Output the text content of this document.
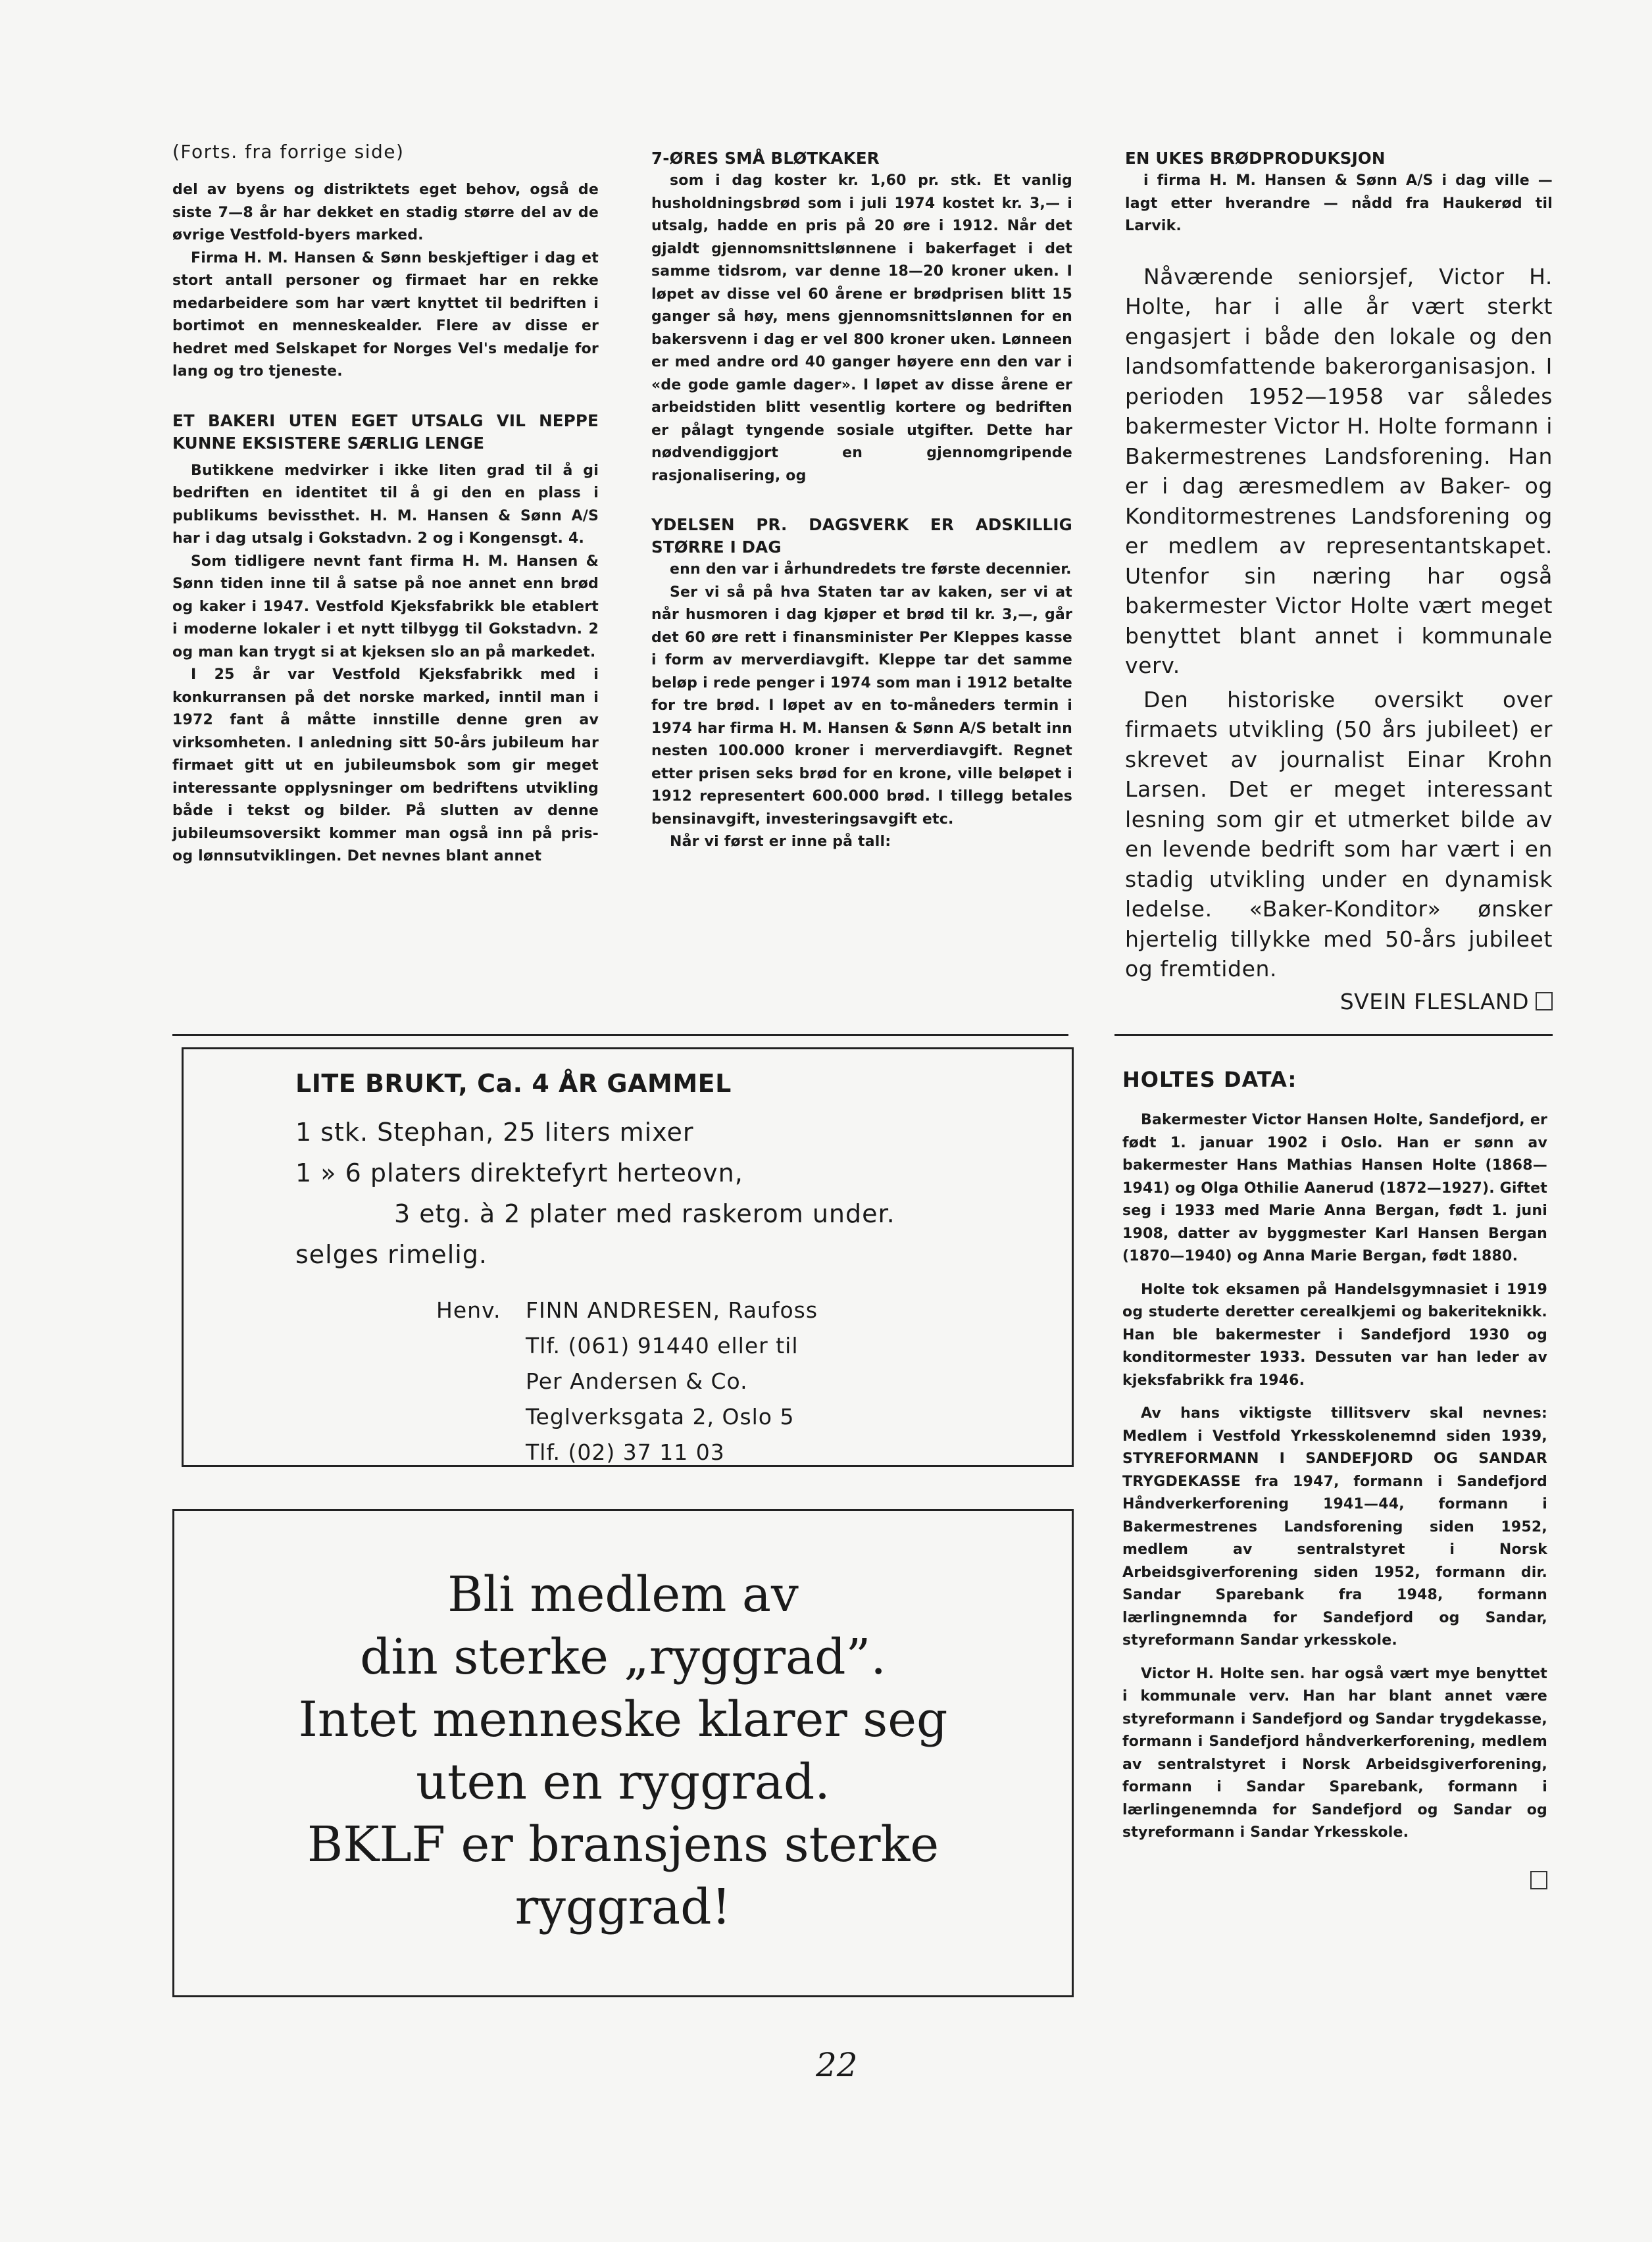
(Forts. fra forrige side)

del av byens og distriktets eget behov, også de siste 7—8 år har dekket en stadig større del av de øvrige Vestfold-byers marked.

Firma H. M. Hansen & Sønn beskjeftiger i dag et stort antall personer og firmaet har en rekke medarbeidere som har vært knyttet til bedriften i bortimot en menneskealder. Flere av disse er hedret med Selskapet for Norges Vel's medalje for lang og tro tjeneste.

ET BAKERI UTEN EGET UTSALG VIL NEPPE KUNNE EKSISTERE SÆRLIG LENGE

Butikkene medvirker i ikke liten grad til å gi bedriften en identitet til å gi den en plass i publikums bevissthet. H. M. Hansen & Sønn A/S har i dag utsalg i Gokstadvn. 2 og i Kongensgt. 4.

Som tidligere nevnt fant firma H. M. Hansen & Sønn tiden inne til å satse på noe annet enn brød og kaker i 1947. Vestfold Kjeksfabrikk ble etablert i moderne lokaler i et nytt tilbygg til Gokstadvn. 2 og man kan trygt si at kjeksen slo an på markedet.

I 25 år var Vestfold Kjeksfabrikk med i konkurransen på det norske marked, inntil man i 1972 fant å måtte innstille denne gren av virksomheten. I anledning sitt 50-års jubileum har firmaet gitt ut en jubileumsbok som gir meget interessante opplysninger om bedriftens utvikling både i tekst og bilder. På slutten av denne jubileumsoversikt kommer man også inn på pris- og lønnsutviklingen. Det nevnes blant annet

7-ØRES SMÅ BLØTKAKER

som i dag koster kr. 1,60 pr. stk. Et vanlig husholdningsbrød som i juli 1974 kostet kr. 3,— i utsalg, hadde en pris på 20 øre i 1912. Når det gjaldt gjennomsnittslønnene i bakerfaget i det samme tidsrom, var denne 18—20 kroner uken. I løpet av disse vel 60 årene er brødprisen blitt 15 ganger så høy, mens gjennomsnittslønnen for en bakersvenn i dag er vel 800 kroner uken. Lønneen er med andre ord 40 ganger høyere enn den var i «de gode gamle dager». I løpet av disse årene er arbeidstiden blitt vesentlig kortere og bedriften er pålagt tyngende sosiale utgifter. Dette har nødvendiggjort en gjennomgripende rasjonalisering, og

YDELSEN PR. DAGSVERK ER ADSKILLIG STØRRE I DAG

enn den var i århundredets tre første decennier.

Ser vi så på hva Staten tar av kaken, ser vi at når husmoren i dag kjøper et brød til kr. 3,—, går det 60 øre rett i finansminister Per Kleppes kasse i form av merverdiavgift. Kleppe tar det samme beløp i rede penger i 1974 som man i 1912 betalte for tre brød. I løpet av en to-måneders termin i 1974 har firma H. M. Hansen & Sønn A/S betalt inn nesten 100.000 kroner i merverdiavgift. Regnet etter prisen seks brød for en krone, ville beløpet i 1912 representert 600.000 brød. I tillegg betales bensinavgift, investeringsavgift etc.

Når vi først er inne på tall:

EN UKES BRØDPRODUKSJON

i firma H. M. Hansen & Sønn A/S i dag ville — lagt etter hverandre — nådd fra Haukerød til Larvik.

Nåværende seniorsjef, Victor H. Holte, har i alle år vært sterkt engasjert i både den lokale og den landsomfattende bakerorganisasjon. I perioden 1952—1958 var således bakermester Victor H. Holte formann i Bakermestrenes Landsforening. Han er i dag æresmedlem av Baker- og Konditormestrenes Landsforening og er medlem av representantskapet. Utenfor sin næring har også bakermester Victor Holte vært meget benyttet blant annet i kommunale verv.

Den historiske oversikt over firmaets utvikling (50 års jubileet) er skrevet av journalist Einar Krohn Larsen. Det er meget interessant lesning som gir et utmerket bilde av en levende bedrift som har vært i en stadig utvikling under en dynamisk ledelse. «Baker-Konditor» ønsker hjertelig tillykke med 50-års jubileet og fremtiden.

SVEIN FLESLAND
LITE BRUKT, Ca. 4 ÅR GAMMEL
1 stk. Stephan, 25 liters mixer
1 » 6 platers direktefyrt herteovn,
3 etg. à 2 plater med raskerom under.
selges rimelig.
Henv. FINN ANDRESEN, Raufoss
Tlf. (061) 91440 eller til
Per Andersen & Co.
Teglverksgata 2, Oslo 5
Tlf. (02) 37 11 03
Bli medlem av
din sterke „ryggrad”.
Intet menneske klarer seg
uten en ryggrad.
BKLF er bransjens sterke
ryggrad!
HOLTES DATA:

Bakermester Victor Hansen Holte, Sandefjord, er født 1. januar 1902 i Oslo. Han er sønn av bakermester Hans Mathias Hansen Holte (1868—1941) og Olga Othilie Aanerud (1872—1927). Giftet seg i 1933 med Marie Anna Bergan, født 1. juni 1908, datter av byggmester Karl Hansen Bergan (1870—1940) og Anna Marie Bergan, født 1880.

Holte tok eksamen på Handelsgymnasiet i 1919 og studerte deretter cerealkjemi og bakeriteknikk. Han ble bakermester i Sandefjord 1930 og konditormester 1933. Dessuten var han leder av kjeksfabrikk fra 1946.

Av hans viktigste tillitsverv skal nevnes: Medlem i Vestfold Yrkesskolenemnd siden 1939, STYREFORMANN I SANDEFJORD OG SANDAR TRYGDEKASSE fra 1947, formann i Sandefjord Håndverkerforening 1941—44, formann i Bakermestrenes Landsforening siden 1952, medlem av sentralstyret i Norsk Arbeidsgiverforening siden 1952, formann dir. Sandar Sparebank fra 1948, formann lærlingnemnda for Sandefjord og Sandar, styreformann Sandar yrkesskole.

Victor H. Holte sen. har også vært mye benyttet i kommunale verv. Han har blant annet være styreformann i Sandefjord og Sandar trygdekasse, formann i Sandefjord håndverkerforening, medlem av sentralstyret i Norsk Arbeidsgiverforening, formann i Sandar Sparebank, formann i lærlingenemnda for Sandefjord og Sandar og styreformann i Sandar Yrkesskole.

22
